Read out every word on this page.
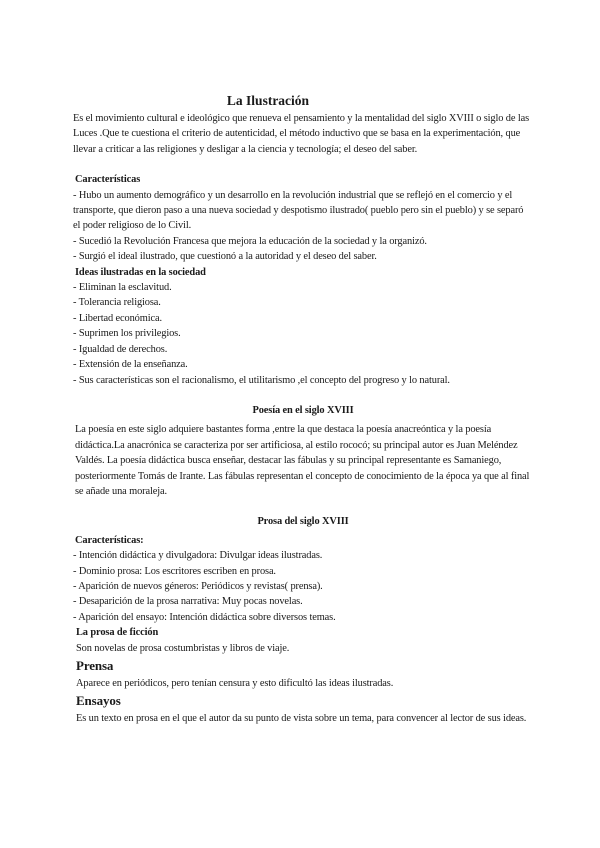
La Ilustración

Es el movimiento cultural e ideológico que renueva el pensamiento y la mentalidad del siglo XVIII o siglo de las Luces .Que te cuestiona el criterio de autenticidad, el método inductivo que se basa en la experimentación, que llevar a criticar a las religiones y desligar a la ciencia y tecnología; el deseo del saber.

Características

- Hubo un aumento demográfico y un desarrollo en la revolución industrial que se reflejó en el comercio y el transporte, que dieron paso a una nueva sociedad y despotismo ilustrado( pueblo pero sin el pueblo) y se separó el poder religioso de lo Civil.

- Sucedió la Revolución Francesa que mejora la educación de la sociedad y la organizó.

- Surgió el ideal ilustrado, que cuestionó a la autoridad y el deseo del saber.

Ideas ilustradas en la sociedad

- Eliminan la esclavitud.

- Tolerancia religiosa.

- Libertad económica.

- Suprimen los privilegios.

- Igualdad de derechos.

- Extensión de la enseñanza.

- Sus características son el racionalismo, el utilitarismo ,el concepto del progreso y lo natural.

Poesía en el siglo XVIII

La poesía en este siglo adquiere bastantes forma ,entre la que destaca la poesía anacreóntica y la poesía didáctica.La anacrónica se caracteriza por ser artificiosa, al estilo rococó; su principal autor es Juan Meléndez Valdés. La poesía didáctica busca enseñar, destacar las fábulas y su principal representante es Samaniego, posteriormente Tomás de Irante. Las fábulas representan el concepto de conocimiento de la época ya que al final se añade una moraleja.

Prosa del siglo XVIII

Características:

- Intención didáctica y divulgadora: Divulgar ideas ilustradas.

- Dominio prosa: Los escritores escriben en prosa.

- Aparición de nuevos géneros: Periódicos y revistas( prensa).

- Desaparición de la prosa narrativa: Muy pocas novelas.

- Aparición del ensayo: Intención didáctica sobre diversos temas.

La prosa de ficción

Son novelas de prosa costumbristas y libros de viaje.

Prensa

Aparece en periódicos, pero tenían censura y esto dificultó las ideas ilustradas.

Ensayos

Es un texto en prosa en el que el autor da su punto de vista sobre un tema, para convencer al lector de sus ideas.
